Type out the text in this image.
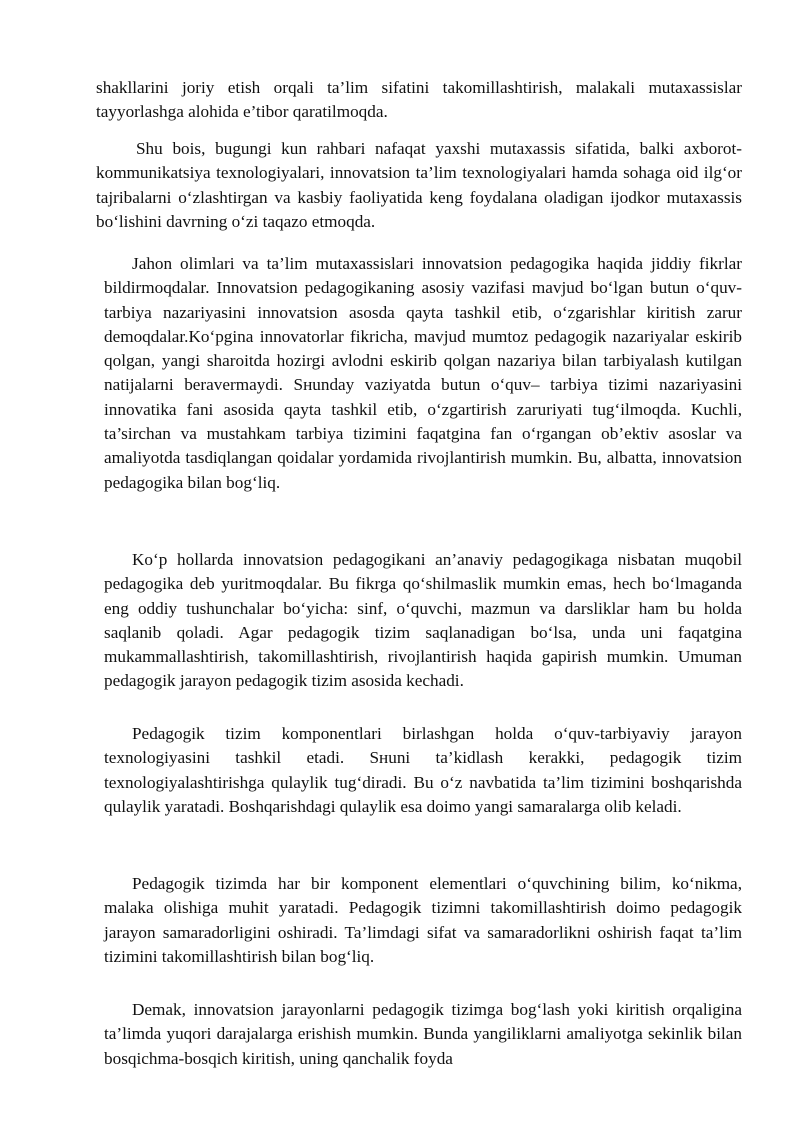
shakllarini joriy etish orqali ta’lim sifatini takomillashtirish, malakali mutaxassislar tayyorlashga alohida e’tibor qaratilmoqda.

Shu bois, bugungi kun rahbari nafaqat yaxshi mutaxassis sifatida, balki axborot-kommunikatsiya texnologiyalari, innovatsion ta’lim texnologiyalari hamda sohaga oid ilg‘or tajribalarni o‘zlashtirgan va kasbiy faoliyatida keng foydalana oladigan ijodkor mutaxassis bo‘lishini davrning o‘zi taqazo etmoqda.

Jahon olimlari va ta’lim mutaxassislari innovatsion pedagogika haqida jiddiy fikrlar bildirmoqdalar. Innovatsion pedagogikaning asosiy vazifasi mavjud bo‘lgan butun o‘quv-tarbiya nazariyasini innovatsion asosda qayta tashkil etib, o‘zgarishlar kiritish zarur demoqdalar.Ko‘pgina innovatorlar fikricha, mavjud mumtoz pedagogik nazariyalar eskirib qolgan, yangi sharoitda hozirgi avlodni eskirib qolgan nazariya bilan tarbiyalash kutilgan natijalarni beravermaydi. Sнunday vaziyatda butun o‘quv– tarbiya tizimi nazariyasini innovatika fani asosida qayta tashkil etib, o‘zgartirish zaruriyati tug‘ilmoqda. Kuchli, ta’sirchan va mustahkam tarbiya tizimini faqatgina fan o‘rgangan ob’ektiv asoslar va amaliyotda tasdiqlangan qoidalar yordamida rivojlantirish mumkin. Bu, albatta, innovatsion pedagogika bilan bog‘liq.

Ko‘p hollarda innovatsion pedagogikani an’anaviy pedagogikaga nisbatan muqobil pedagogika deb yuritmoqdalar. Bu fikrga qo‘shilmaslik mumkin emas, hech bo‘lmaganda eng oddiy tushunchalar bo‘yicha: sinf, o‘quvchi, mazmun va darsliklar ham bu holda saqlanib qoladi. Agar pedagogik tizim saqlanadigan bo‘lsa, unda uni faqatgina mukammallashtirish, takomillashtirish, rivojlantirish haqida gapirish mumkin. Umuman pedagogik jarayon pedagogik tizim asosida kechadi.

Pedagogik tizim komponentlari birlashgan holda o‘quv-tarbiyaviy jarayon texnologiyasini tashkil etadi. Sнuni ta’kidlash kerakki, pedagogik tizim texnologiyalashtirishga qulaylik tug‘diradi. Bu o‘z navbatida ta’lim tizimini boshqarishda qulaylik yaratadi. Boshqarishdagi qulaylik esa doimo yangi samaralarga olib keladi.

Pedagogik tizimda har bir komponent elementlari o‘quvchining bilim, ko‘nikma, malaka olishiga muhit yaratadi. Pedagogik tizimni takomillashtirish doimo pedagogik jarayon samaradorligini oshiradi. Ta’limdagi sifat va samaradorlikni oshirish faqat ta’lim tizimini takomillashtirish bilan bog‘liq.

Demak, innovatsion jarayonlarni pedagogik tizimga bog‘lash yoki kiritish orqaligina ta’limda yuqori darajalarga erishish mumkin. Bunda yangiliklarni amaliyotga sekinlik bilan bosqichma-bosqich kiritish, uning qanchalik foyda
